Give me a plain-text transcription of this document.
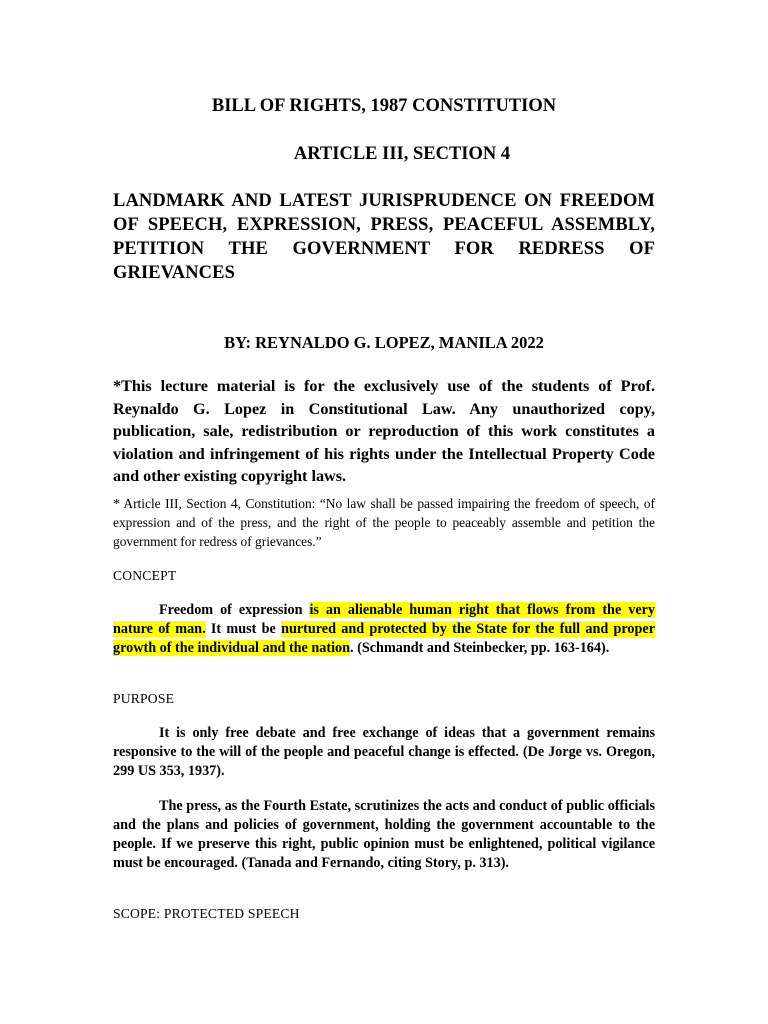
BILL OF RIGHTS, 1987 CONSTITUTION

ARTICLE III, SECTION 4

LANDMARK AND LATEST JURISPRUDENCE ON FREEDOM OF SPEECH, EXPRESSION, PRESS, PEACEFUL ASSEMBLY, PETITION THE GOVERNMENT FOR REDRESS OF GRIEVANCES

BY: REYNALDO G. LOPEZ, MANILA 2022

*This lecture material is for the exclusively use of the students of Prof. Reynaldo G. Lopez in Constitutional Law. Any unauthorized copy, publication, sale, redistribution or reproduction of this work constitutes a violation and infringement of his rights under the Intellectual Property Code and other existing copyright laws.

* Article III, Section 4, Constitution: “No law shall be passed impairing the freedom of speech, of expression and of the press, and the right of the people to peaceably assemble and petition the government for redress of grievances.”

CONCEPT

Freedom of expression is an alienable human right that flows from the very nature of man. It must be nurtured and protected by the State for the full and proper growth of the individual and the nation. (Schmandt and Steinbecker, pp. 163-164).

PURPOSE

It is only free debate and free exchange of ideas that a government remains responsive to the will of the people and peaceful change is effected. (De Jorge vs. Oregon, 299 US 353, 1937).

The press, as the Fourth Estate, scrutinizes the acts and conduct of public officials and the plans and policies of government, holding the government accountable to the people. If we preserve this right, public opinion must be enlightened, political vigilance must be encouraged. (Tanada and Fernando, citing Story, p. 313).

SCOPE: PROTECTED SPEECH
